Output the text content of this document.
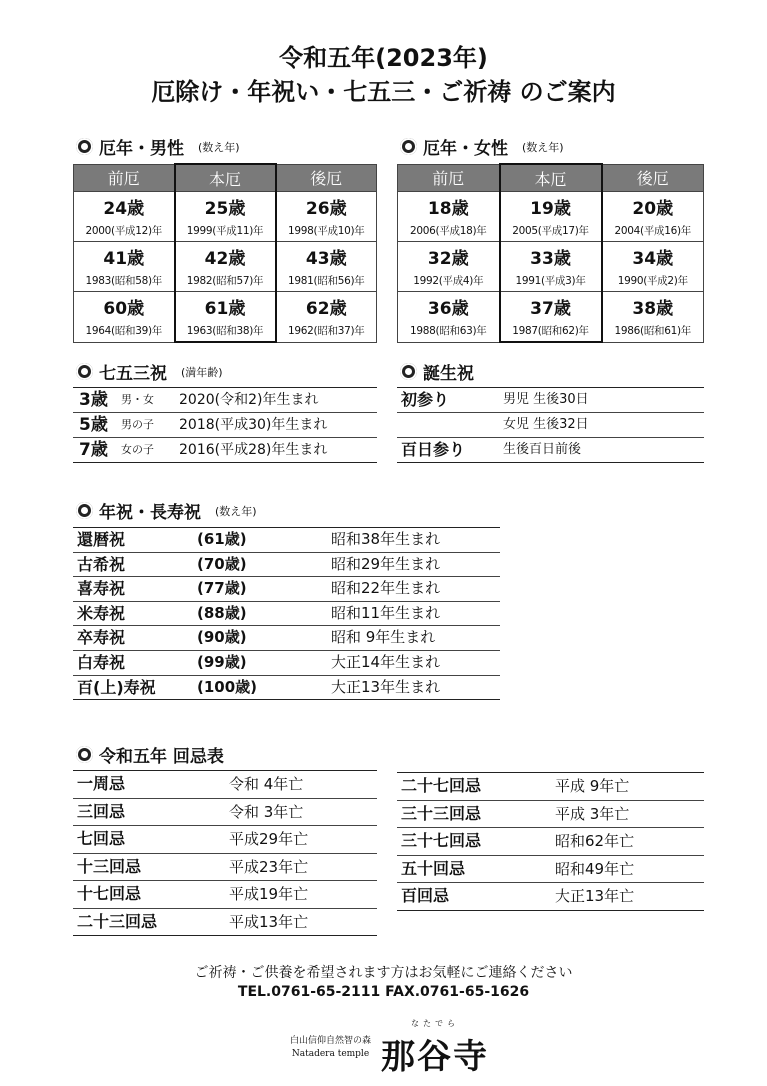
令和五年(2023年)
厄除け・年祝い・七五三・ご祈祷 のご案内
厄年・男性 (数え年)
前厄	本厄	後厄
24歳	25歳	26歳
2000(平成12)年	1999(平成11)年	1998(平成10)年
41歳	42歳	43歳
1983(昭和58)年	1982(昭和57)年	1981(昭和56)年
60歳	61歳	62歳
1964(昭和39)年	1963(昭和38)年	1962(昭和37)年
厄年・女性 (数え年)
前厄	本厄	後厄
18歳	19歳	20歳
2006(平成18)年	2005(平成17)年	2004(平成16)年
32歳	33歳	34歳
1992(平成4)年	1991(平成3)年	1990(平成2)年
36歳	37歳	38歳
1988(昭和63)年	1987(昭和62)年	1986(昭和61)年
七五三祝 (満年齢)
3歳 男・女 2020(令和2)年生まれ
5歳 男の子 2018(平成30)年生まれ
7歳 女の子 2016(平成28)年生まれ
誕生祝
初参り	男児 生後30日
女児 生後32日
百日参り	生後百日前後
年祝・長寿祝 (数え年)
還暦祝	(61歳)	昭和38年生まれ
古希祝	(70歳)	昭和29年生まれ
喜寿祝	(77歳)	昭和22年生まれ
米寿祝	(88歳)	昭和11年生まれ
卒寿祝	(90歳)	昭和 9年生まれ
白寿祝	(99歳)	大正14年生まれ
百(上)寿祝	(100歳)	大正13年生まれ
令和五年 回忌表
一周忌	令和 4年亡
三回忌	令和 3年亡
七回忌	平成29年亡
十三回忌	平成23年亡
十七回忌	平成19年亡
二十三回忌	平成13年亡
二十七回忌	平成 9年亡
三十三回忌	平成 3年亡
三十七回忌	昭和62年亡
五十回忌	昭和49年亡
百回忌	大正13年亡
ご祈祷・ご供養を希望されます方はお気軽にご連絡ください
TEL.0761-65-2111 FAX.0761-65-1626
白山信仰自然智の森
Natadera temple
なたでら
那谷寺
